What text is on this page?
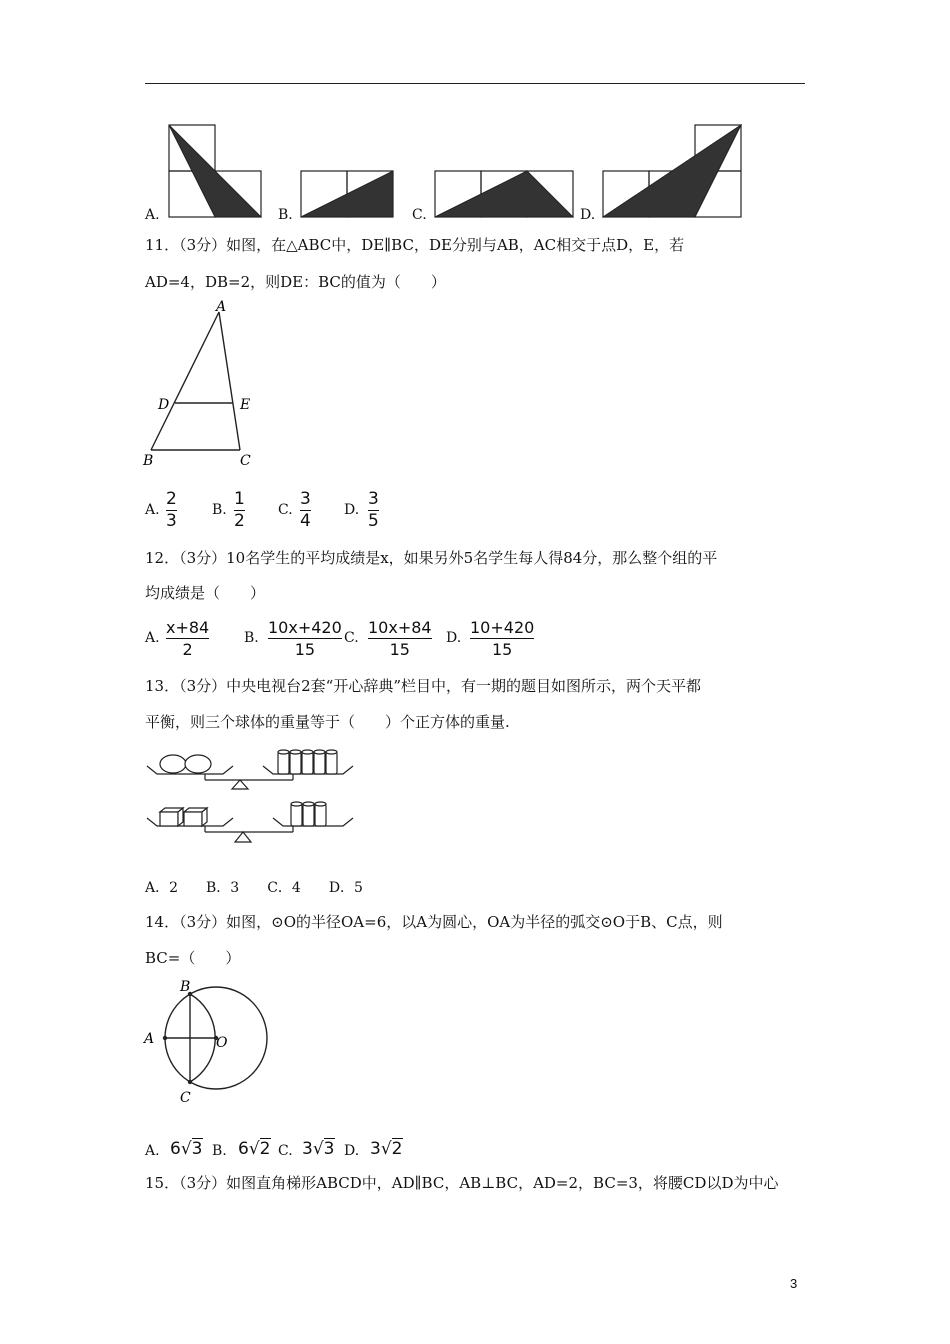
A.	B.	C.	D.
11．（3分）如图，在△ABC中，DE∥BC，DE分别与AB，AC相交于点D，E，若
AD=4，DB=2，则DE：BC的值为（　　）
A
D	E
B	C
A.
2
3
B.
1
2
C.
3
4
D.
3
5
12．（3分）10名学生的平均成绩是x，如果另外5名学生每人得84分，那么整个组的平
均成绩是（　　）
A.
x+84
2
B.
10x+420
15
C.
10x+84
15
D.
10+420
15
13．（3分）中央电视台2套“开心辞典”栏目中，有一期的题目如图所示，两个天平都
平衡，则三个球体的重量等于（　　）个正方体的重量.
A．2　　B．3　　C．4　　D．5
14．（3分）如图，⊙O的半径OA=6，以A为圆心，OA为半径的弧交⊙O于B、C点，则
BC=（　　）
B
A	O
C
A. 6√3 B. 6√2 C. 3√3 D. 3√2
15．（3分）如图直角梯形ABCD中，AD∥BC，AB⊥BC，AD=2，BC=3，将腰CD以D为中心
3
